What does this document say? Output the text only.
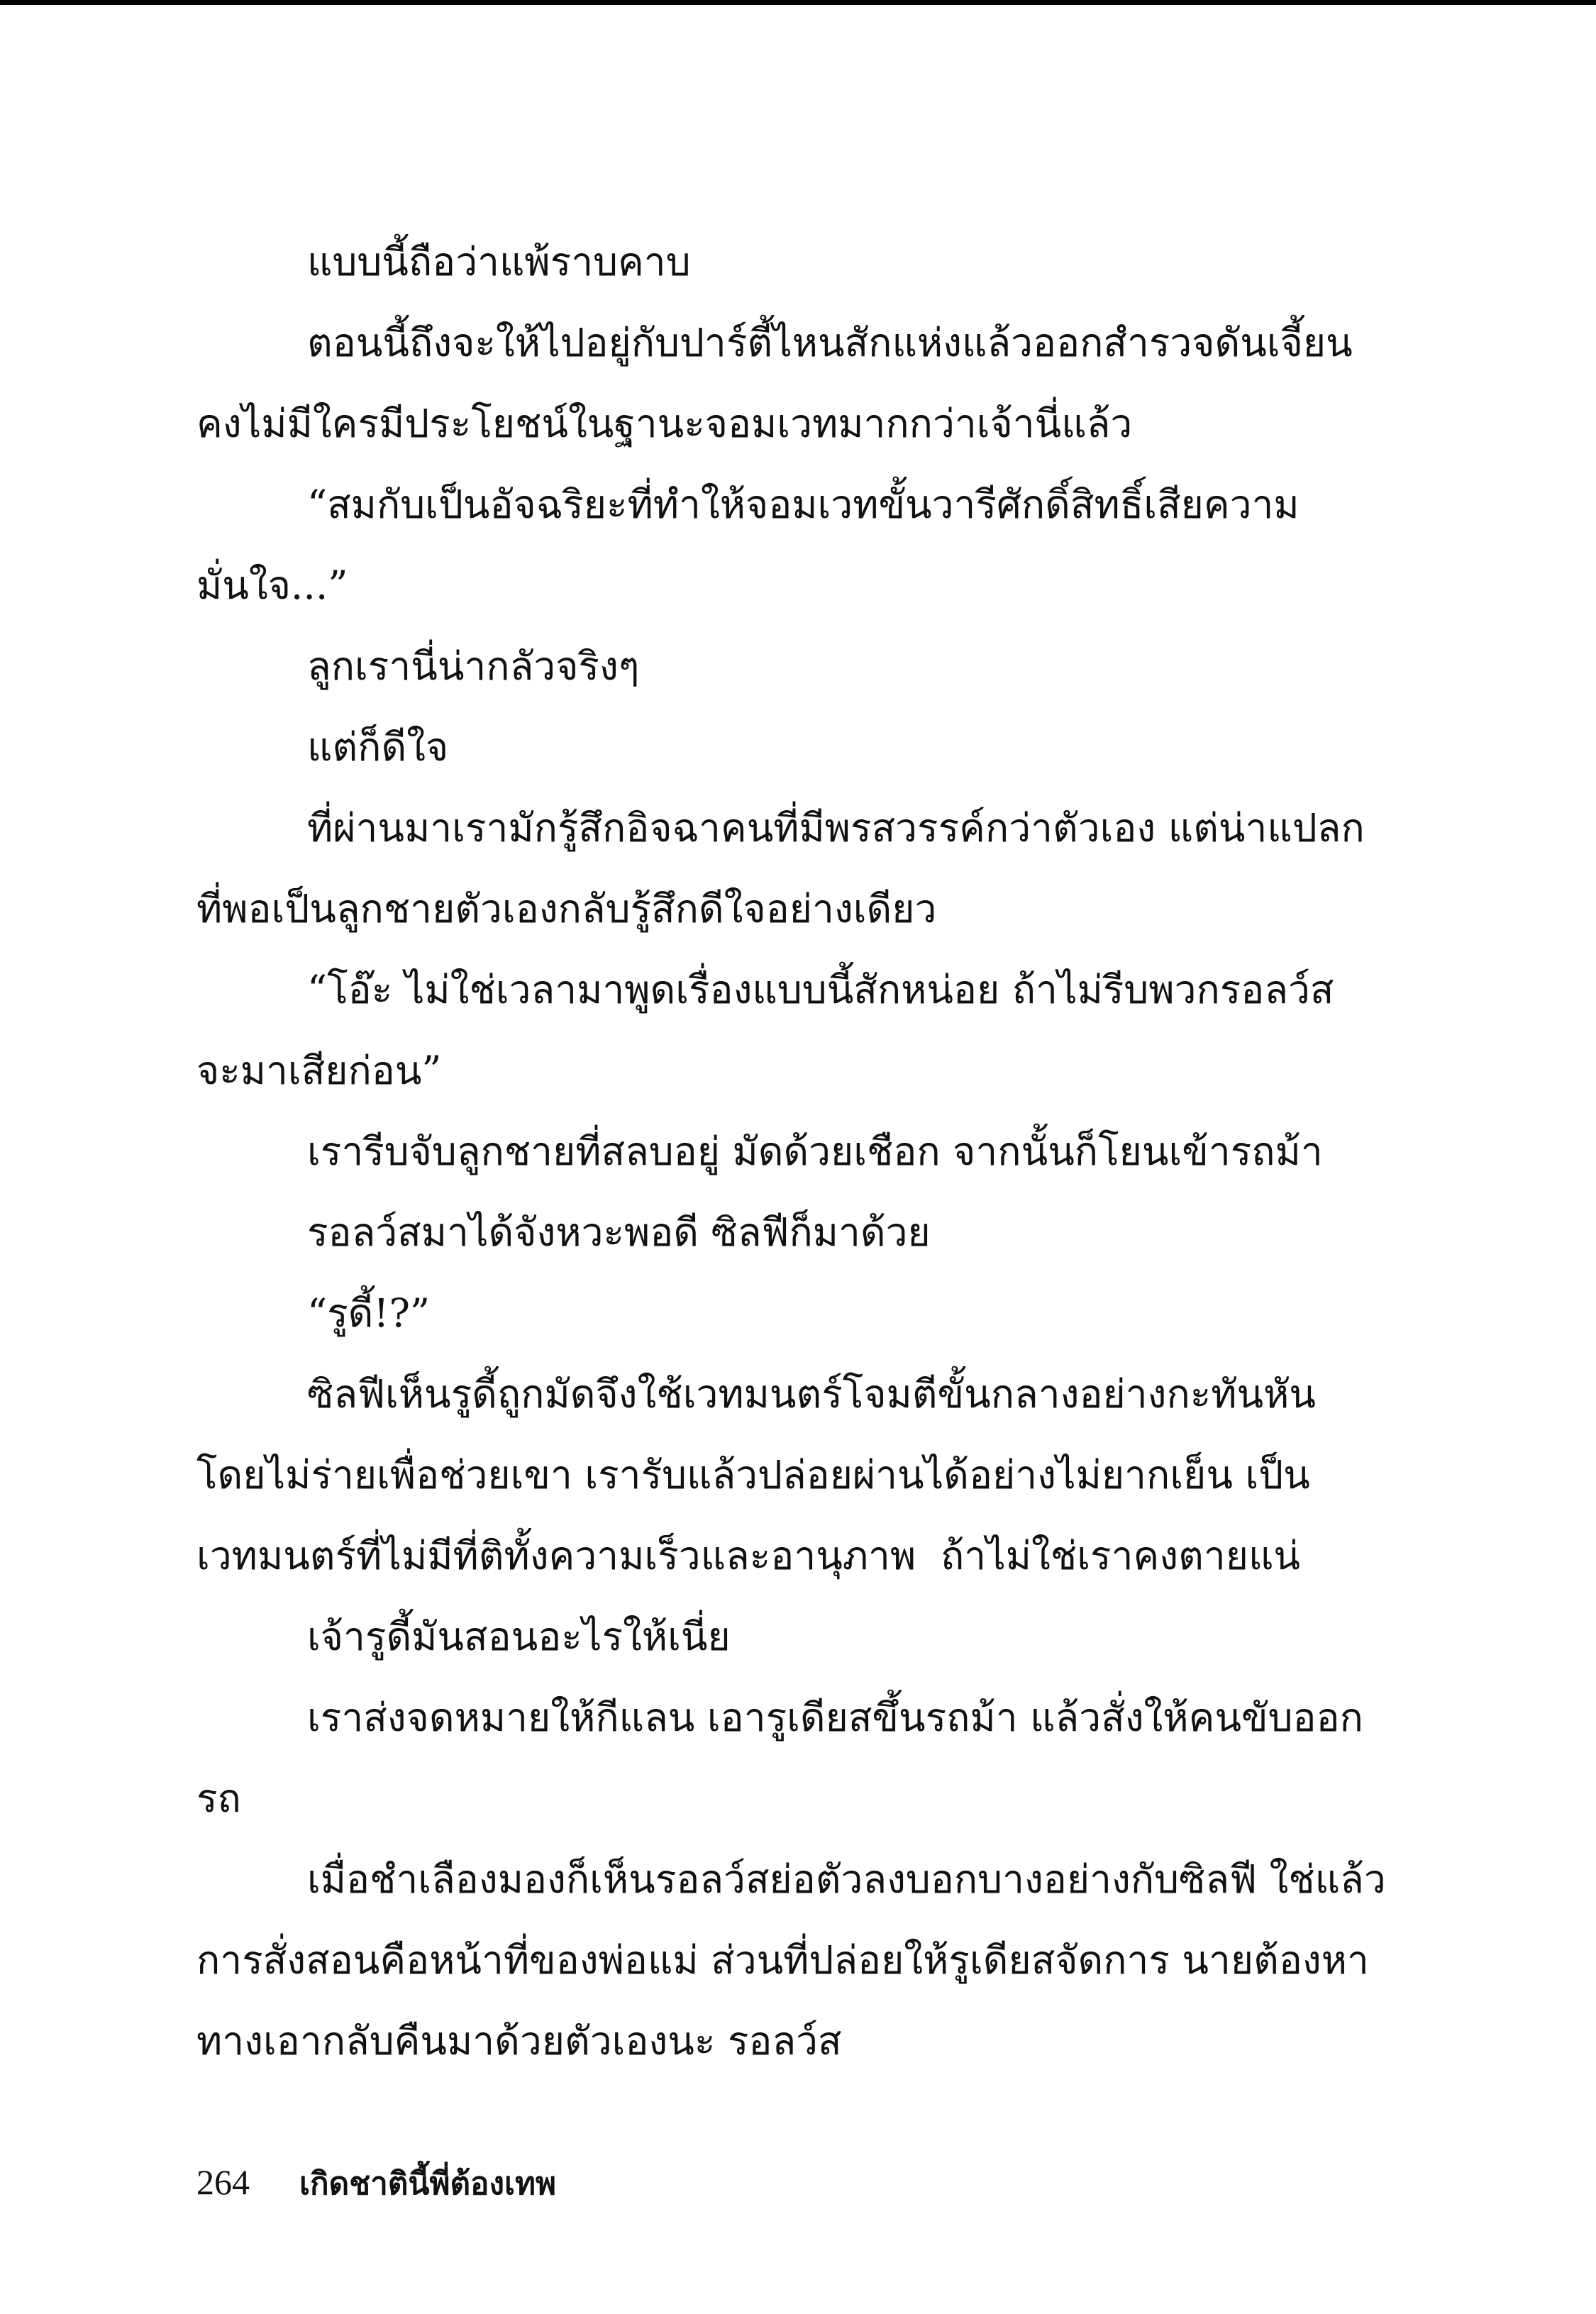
แบบนี้ถือว่าแพ้ราบคาบ
ตอนนี้ถึงจะให้ไปอยู่กับปาร์ตี้ไหนสักแห่งแล้วออกสำรวจดันเจี้ยน
คงไม่มีใครมีประโยชน์ในฐานะจอมเวทมากกว่าเจ้านี่แล้ว
“สมกับเป็นอัจฉริยะที่ทำให้จอมเวทขั้นวารีศักดิ์สิทธิ์เสียความ
มั่นใจ...”
ลูกเรานี่น่ากลัวจริงๆ
แต่ก็ดีใจ
ที่ผ่านมาเรามักรู้สึกอิจฉาคนที่มีพรสวรรค์กว่าตัวเอง แต่น่าแปลก
ที่พอเป็นลูกชายตัวเองกลับรู้สึกดีใจอย่างเดียว
“โอ๊ะ ไม่ใช่เวลามาพูดเรื่องแบบนี้สักหน่อย ถ้าไม่รีบพวกรอลว์ส
จะมาเสียก่อน”
เรารีบจับลูกชายที่สลบอยู่ มัดด้วยเชือก จากนั้นก็โยนเข้ารถม้า
รอลว์สมาได้จังหวะพอดี ซิลฟีก็มาด้วย
“รูดี้!?”
ซิลฟีเห็นรูดี้ถูกมัดจึงใช้เวทมนตร์โจมตีขั้นกลางอย่างกะทันหัน
โดยไม่ร่ายเพื่อช่วยเขา เรารับแล้วปล่อยผ่านได้อย่างไม่ยากเย็น เป็น
เวทมนตร์ที่ไม่มีที่ติทั้งความเร็วและอานุภาพ ถ้าไม่ใช่เราคงตายแน่
เจ้ารูดี้มันสอนอะไรให้เนี่ย
เราส่งจดหมายให้กีแลน เอารูเดียสขึ้นรถม้า แล้วสั่งให้คนขับออก
รถ
เมื่อชำเลืองมองก็เห็นรอลว์สย่อตัวลงบอกบางอย่างกับซิลฟี ใช่แล้ว
การสั่งสอนคือหน้าที่ของพ่อแม่ ส่วนที่ปล่อยให้รูเดียสจัดการ นายต้องหา
ทางเอากลับคืนมาด้วยตัวเองนะ รอลว์ส
264 เกิดชาตินี้พี่ต้องเทพ
